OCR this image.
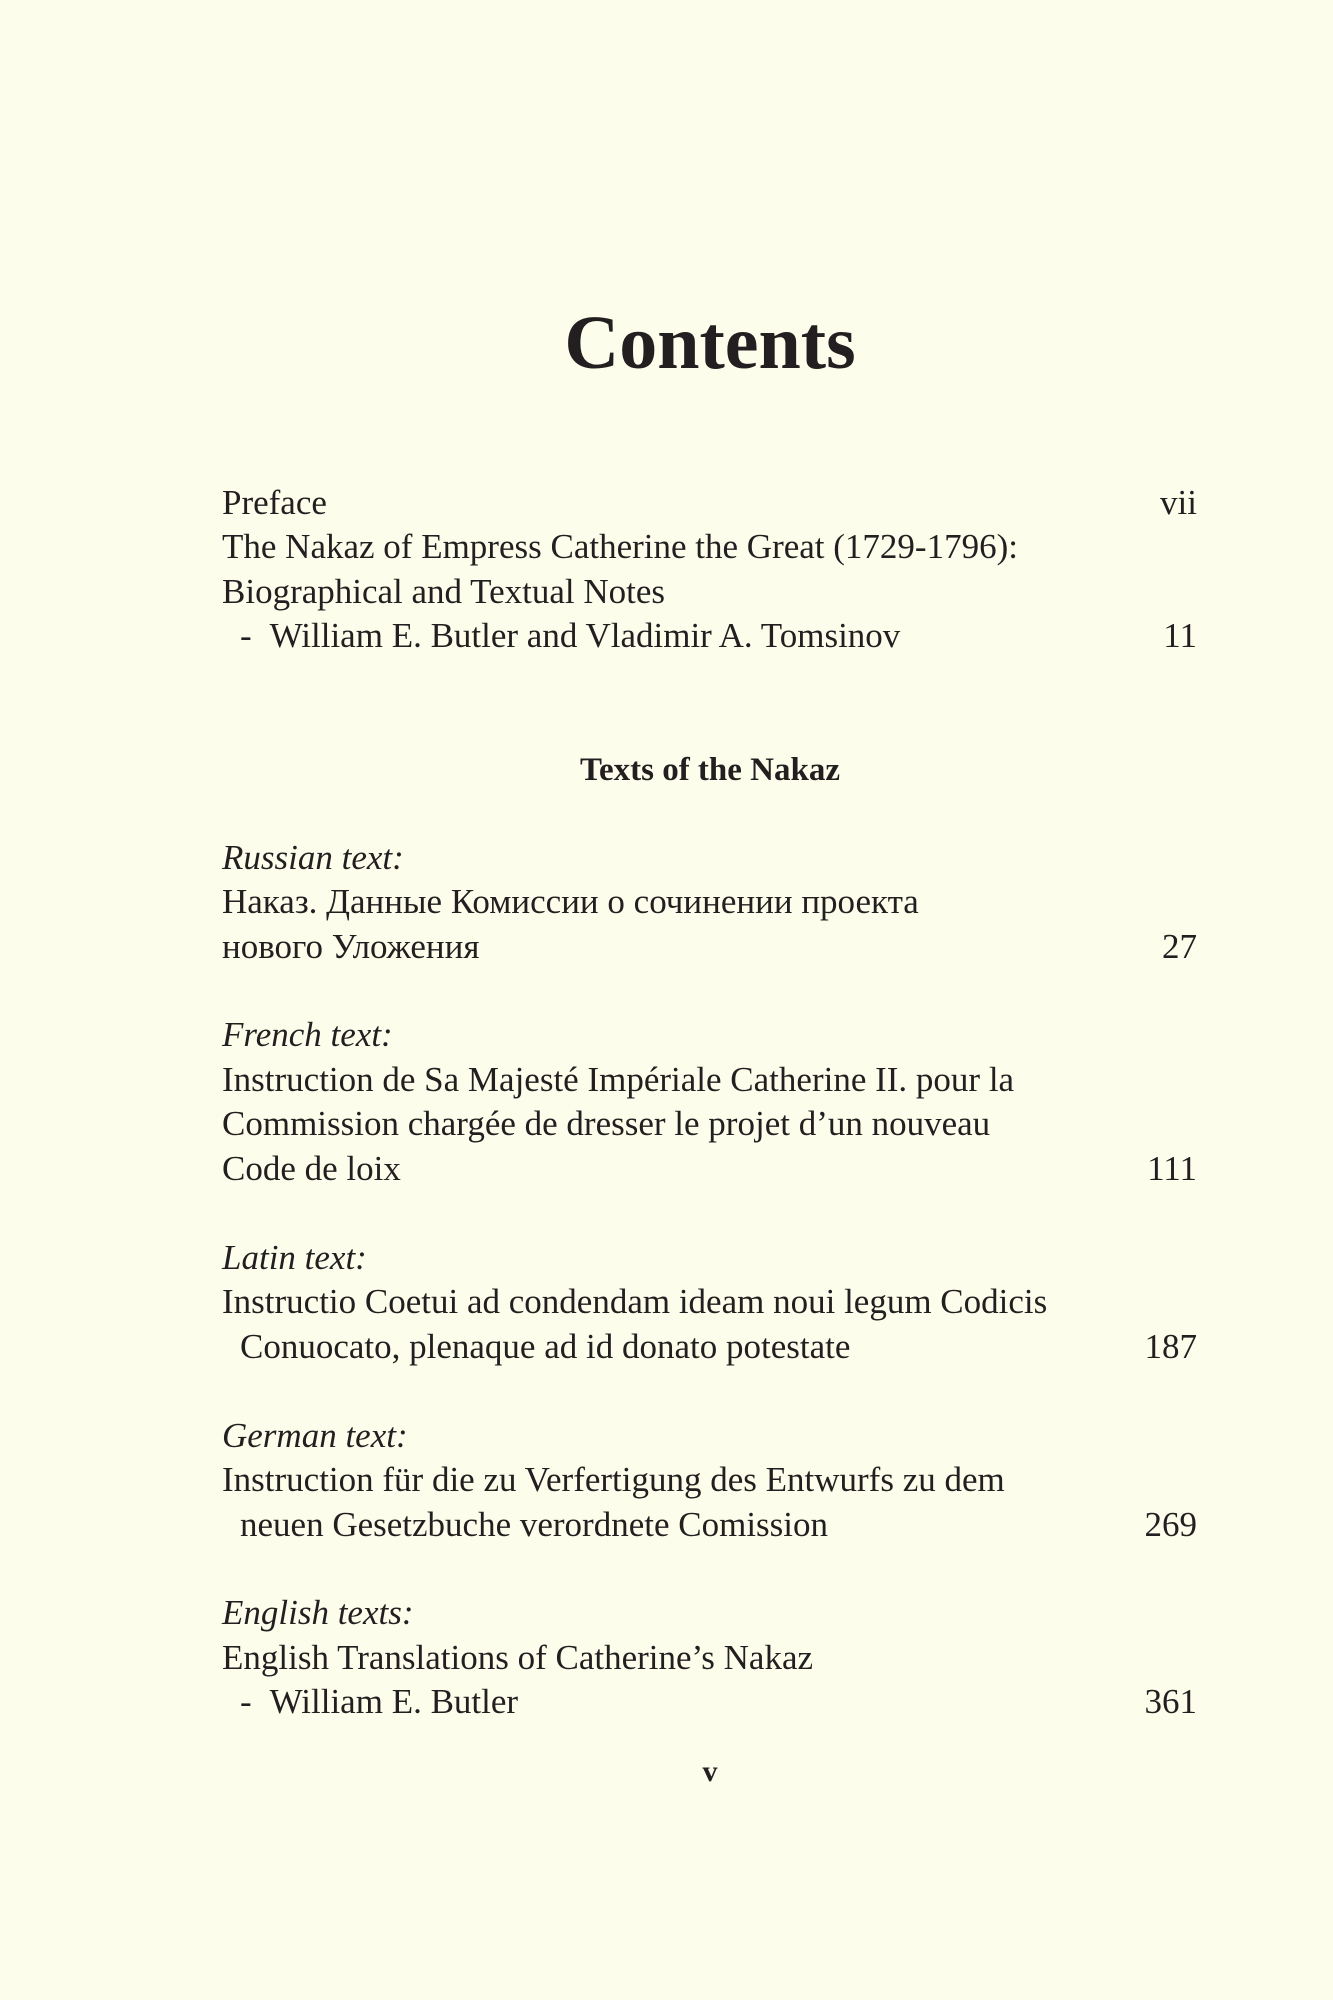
Contents
Preface	vii
The Nakaz of Empress Catherine the Great (1729-1796):
Biographical and Textual Notes
- William E. Butler and Vladimir A. Tomsinov	11
Texts of the Nakaz
Russian text:
Наказ. Данные Комиссии о сочинении проекта
нового Уложения	27
French text:
Instruction de Sa Majesté Impériale Catherine II. pour la
Commission chargée de dresser le projet d’un nouveau
Code de loix	111
Latin text:
Instructio Coetui ad condendam ideam noui legum Codicis
Conuocato, plenaque ad id donato potestate	187
German text:
Instruction für die zu Verfertigung des Entwurfs zu dem
neuen Gesetzbuche verordnete Comission	269
English texts:
English Translations of Catherine’s Nakaz
- William E. Butler	361
v
